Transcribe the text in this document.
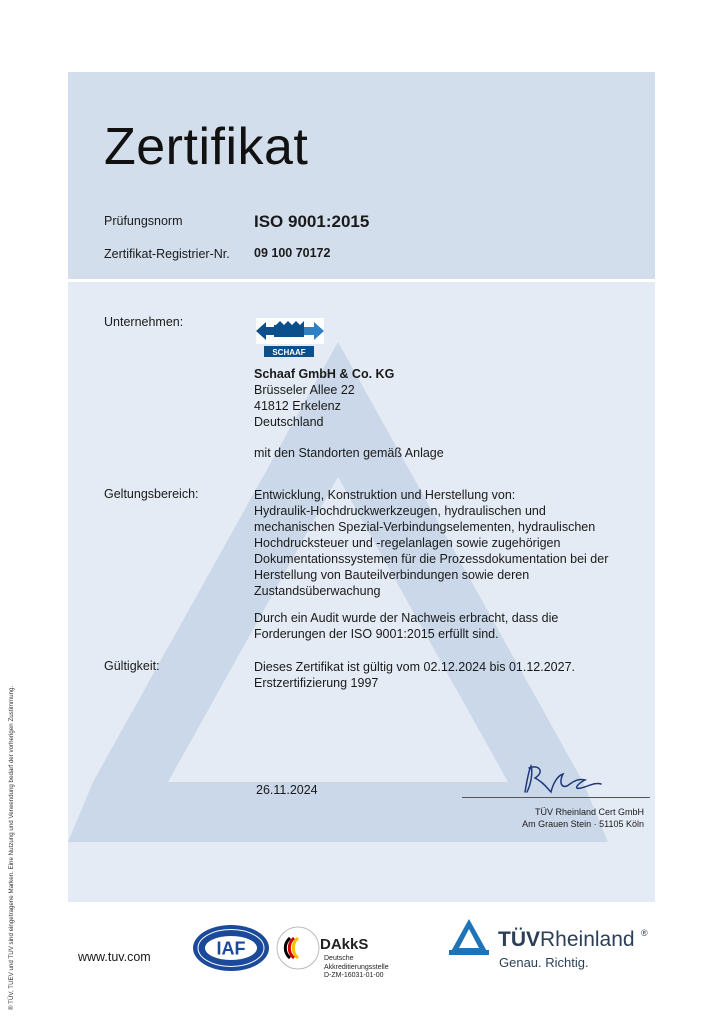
® TÜV, TUEV und TUV sind eingetragene Marken. Eine Nutzung und Verwendung bedarf der vorherigen Zustimmung.
Zertifikat
Prüfungsnorm	ISO 9001:2015
Zertifikat-Registrier-Nr. 09 100 70172
Unternehmen:
SCHAAF
Schaaf GmbH & Co. KG
Brüsseler Allee 22
41812 Erkelenz
Deutschland
mit den Standorten gemäß Anlage
Geltungsbereich:	Entwicklung, Konstruktion und Herstellung von:
Hydraulik-Hochdruckwerkzeugen, hydraulischen und
mechanischen Spezial-Verbindungselementen, hydraulischen
Hochdrucksteuer und -regelanlagen sowie zugehörigen
Dokumentationssystemen für die Prozessdokumentation bei der
Herstellung von Bauteilverbindungen sowie deren
Zustandsüberwachung
Durch ein Audit wurde der Nachweis erbracht, dass die
Forderungen der ISO 9001:2015 erfüllt sind.
Gültigkeit:	Dieses Zertifikat ist gültig vom 02.12.2024 bis 01.12.2027.
Erstzertifizierung 1997
26.11.2024
TÜV Rheinland Cert GmbH
Am Grauen Stein · 51105 Köln
www.tuv.com	IAF	DAkkS
Deutsche
Akkreditierungsstelle
D-ZM-16031-01-00
TÜVRheinland ®
Genau. Richtig.
